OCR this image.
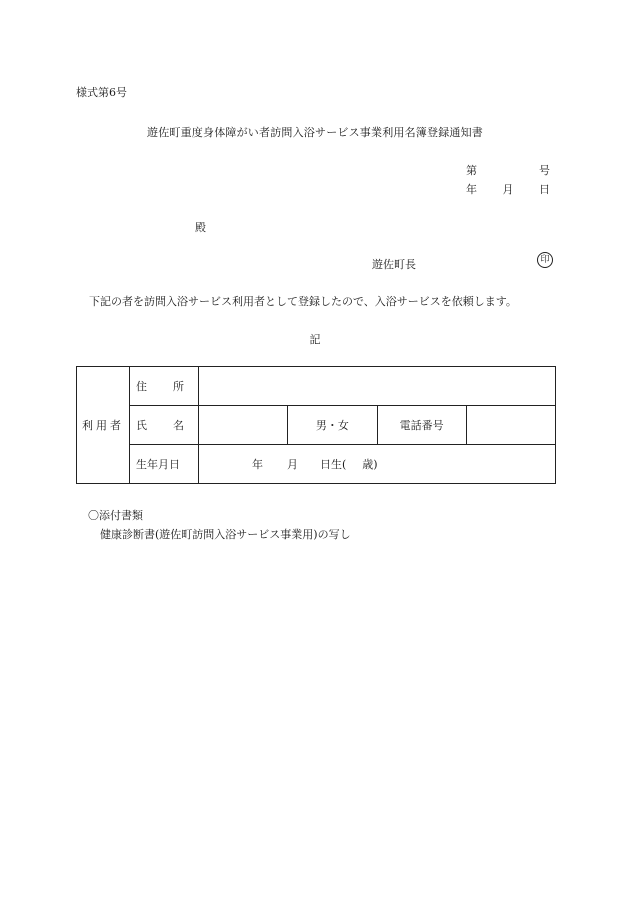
様式第6号
遊佐町重度身体障がい者訪問入浴サービス事業利用名簿登録通知書
第	号
年 月 日
殿
遊佐町長	印
下記の者を訪問入浴サービス利用者として登録したので、入浴サービスを依頼します。
記
利用者	住 所				

	氏 名		男・女	電話番号	
	生年月日	年 月 日生( 歳)			
〇添付書類
健康診断書(遊佐町訪問入浴サービス事業用)の写し
